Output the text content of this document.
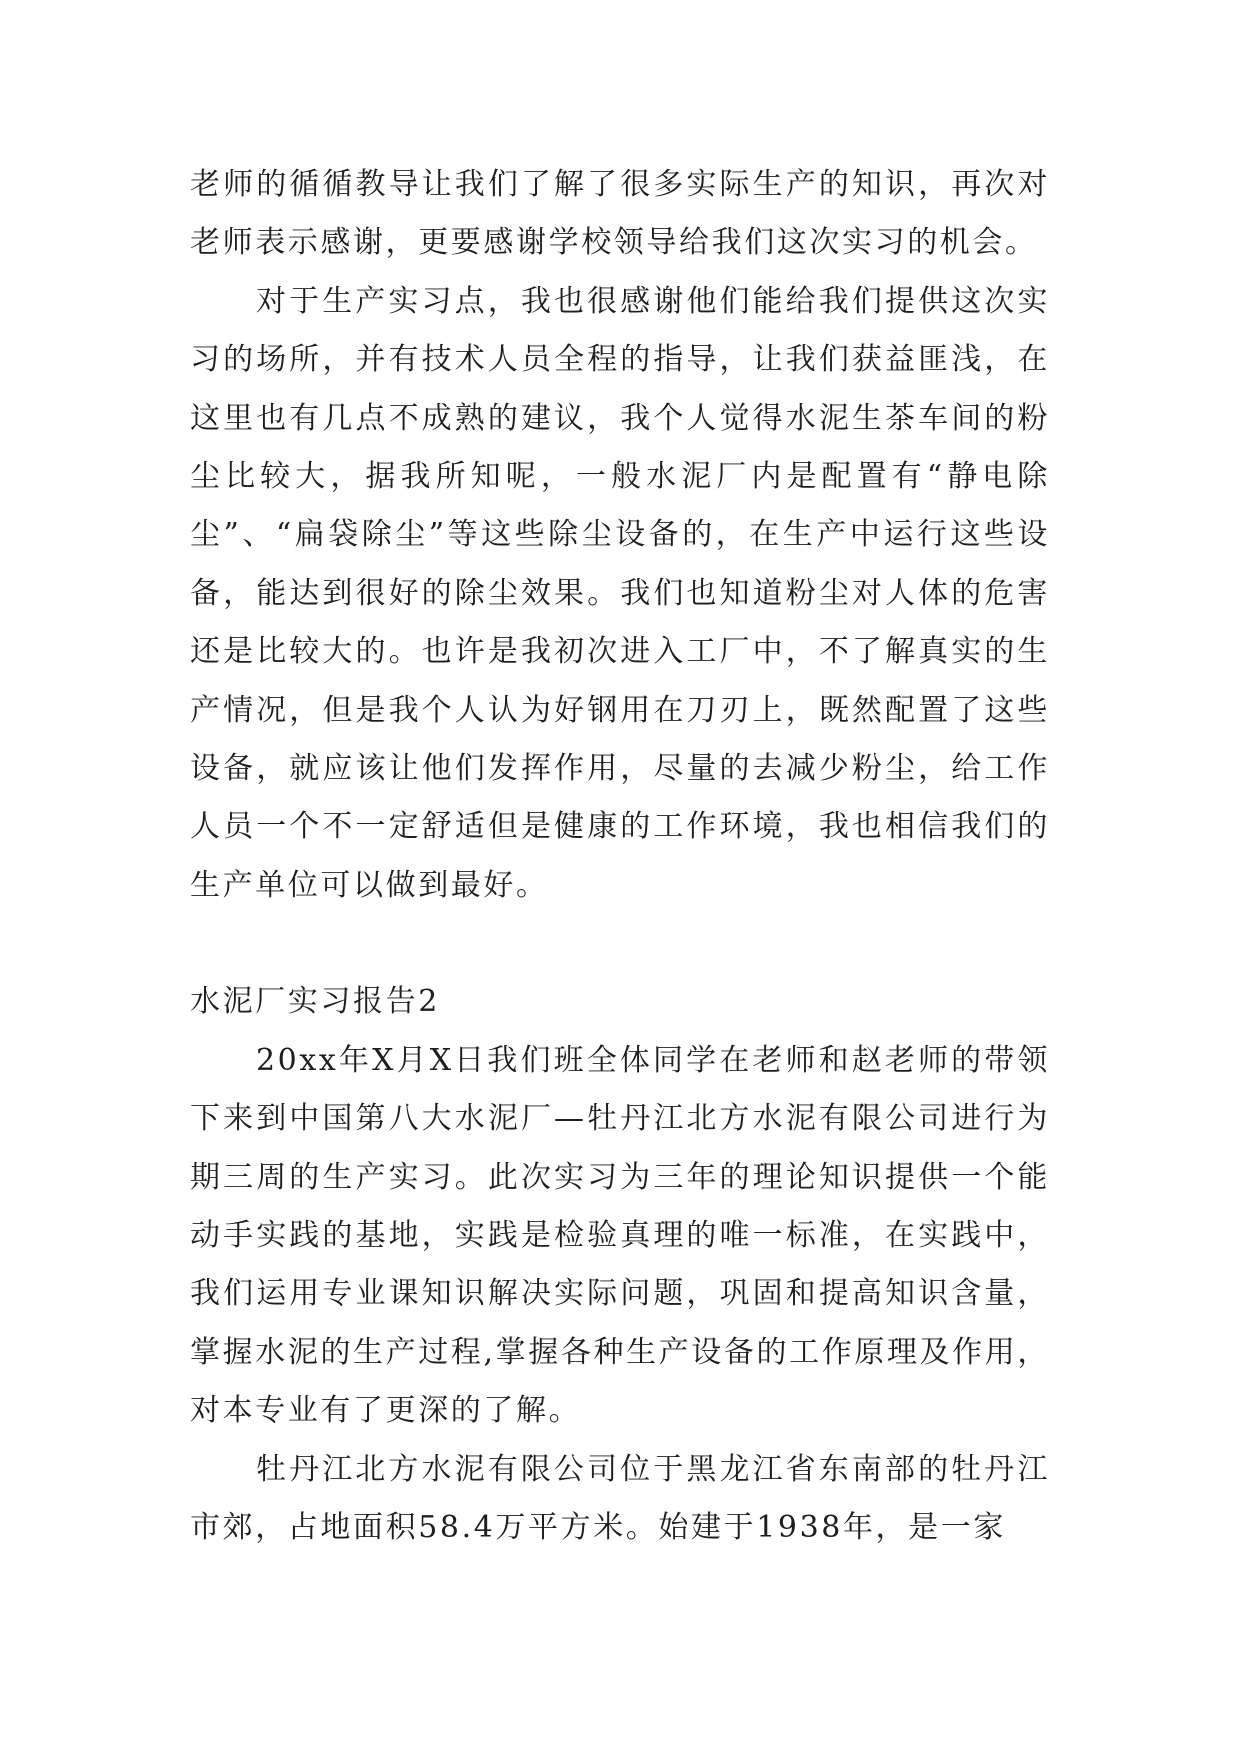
老师的循循教导让我们了解了很多实际生产的知识，再次对老师表示感谢，更要感谢学校领导给我们这次实习的机会。

对于生产实习点，我也很感谢他们能给我们提供这次实习的场所，并有技术人员全程的指导，让我们获益匪浅，在这里也有几点不成熟的建议，我个人觉得水泥生茶车间的粉尘比较大，据我所知呢，一般水泥厂内是配置有“静电除尘”、“扁袋除尘”等这些除尘设备的，在生产中运行这些设备，能达到很好的除尘效果。我们也知道粉尘对人体的危害还是比较大的。也许是我初次进入工厂中，不了解真实的生产情况，但是我个人认为好钢用在刀刃上，既然配置了这些设备，就应该让他们发挥作用，尽量的去减少粉尘，给工作人员一个不一定舒适但是健康的工作环境，我也相信我们的生产单位可以做到最好。

水泥厂实习报告2

20xx年X月X日我们班全体同学在老师和赵老师的带领下来到中国第八大水泥厂—牡丹江北方水泥有限公司进行为期三周的生产实习。此次实习为三年的理论知识提供一个能动手实践的基地，实践是检验真理的唯一标准，在实践中，我们运用专业课知识解决实际问题，巩固和提高知识含量，掌握水泥的生产过程,掌握各种生产设备的工作原理及作用，对本专业有了更深的了解。

牡丹江北方水泥有限公司位于黑龙江省东南部的牡丹江市郊，占地面积58.4万平方米。始建于1938年，是一家
